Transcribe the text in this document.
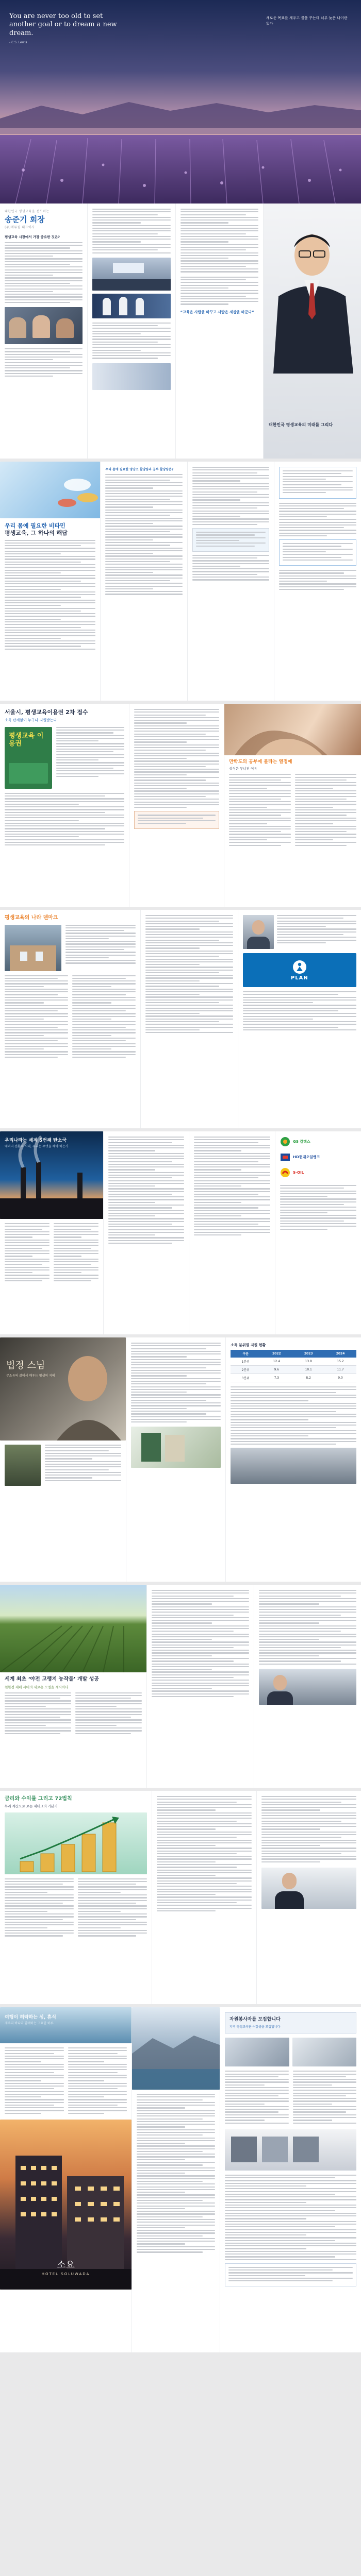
You are never too old to set another goal or to dream a new dream.
- C.S. Lewis
새로운 목표를 세우고 꿈을 꾸는데 너무 늦은 나이란 없다
대한민국 평생교육을 선도하는
송준기 회장
(주)에듀윌 대표이사
평생교육 시장에서 가장 중요한 것은?
“교육은 사람을 바꾸고 사람은 세상을 바꾼다”
대한민국 평생교육의 미래를 그리다
우리 몸에 필요한 비타민
평생교육, 그 하나의 해답
우리 몸에 필요한 영양소 할당량과 공부 할당량은?
서울시, 평생교육이용권 2차 접수
소득 관계없이 누구나 지원받는다
평생교육 이용권
만학도의 공부에 불타는 열정에
상식은 무너진 이유
평생교육의 나라 덴마크
PLAN
우리나라는 세계 5번째 탄소국
에너지 전환의 시대, 우리는 무엇을 해야 하는가
GS 칼텍스
HD현대오일뱅크
S-OIL
법정 스님
무소유의 삶에서 배우는 평생의 지혜
소득 분위별 지원 현황
구분	2022	2023	2024
1분위	12.4	13.8	15.2
2분위	9.6	10.1	11.7
3분위	7.3	8.2	9.0
세계 최초 ‘야전 고랭지 농작물’ 개발 성공
친환경 재배 시대의 새로운 모델을 제시하다
금리와 수익률 그리고 72법칙
복리 계산으로 보는 재테크의 기본기
여행이 허락하는 섬, 휴식
제주의 바다와 함께하는 고요한 하루
소요
HOTEL SOLUWADA
자원봉사자를 모집합니다
지역 평생교육관 수강생을 모집합니다
